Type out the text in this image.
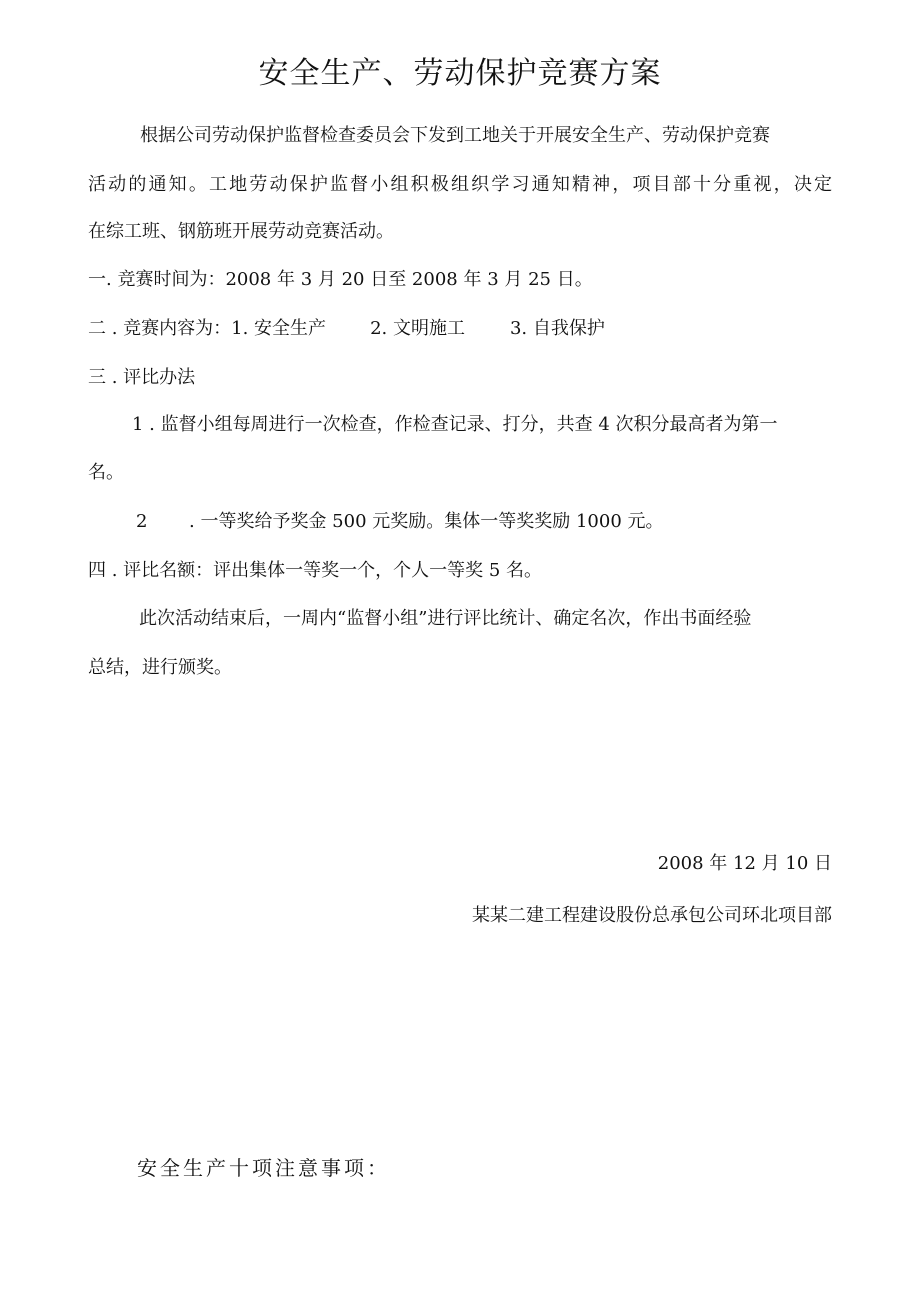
安全生产、劳动保护竞赛方案
根据公司劳动保护监督检查委员会下发到工地关于开展安全生产、劳动保护竞赛
活动的通知。工地劳动保护监督小组积极组织学习通知精神，项目部十分重视，决定
在综工班、钢筋班开展劳动竞赛活动。
一. 竞赛时间为：2008 年 3 月 20 日至 2008 年 3 月 25 日。
二 . 竞赛内容为：1. 安全生产 2. 文明施工	3. 自我保护
三 . 评比办法
1 . 监督小组每周进行一次检查，作检查记录、打分，共查 4 次积分最高者为第一
名。
2 . 一等奖给予奖金 500 元奖励。集体一等奖奖励 1000 元。
四 . 评比名额：评出集体一等奖一个，个人一等奖 5 名。
此次活动结束后，一周内“监督小组”进行评比统计、确定名次，作出书面经验
总结，进行颁奖。
2008 年 12 月 10 日
某某二建工程建设股份总承包公司环北项目部
安全生产十项注意事项：
